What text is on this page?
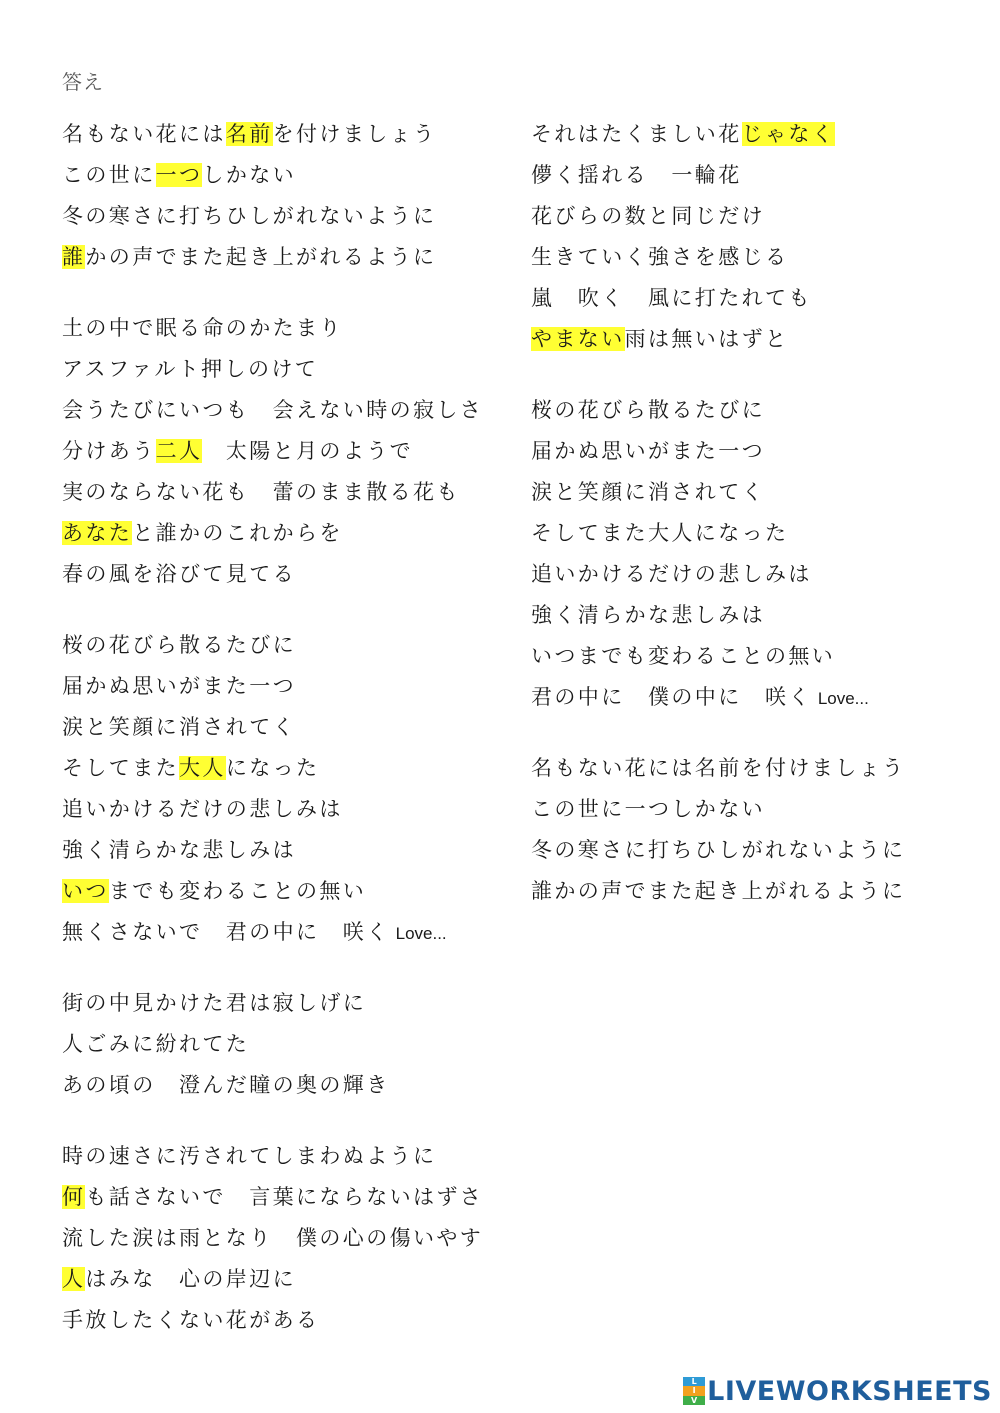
答え
名もない花には名前を付けましょう
この世に一つしかない
冬の寒さに打ちひしがれないように
誰かの声でまた起き上がれるように
土の中で眠る命のかたまり
アスファルト押しのけて
会うたびにいつも　会えない時の寂しさ
分けあう二人　太陽と月のようで
実のならない花も　蕾のまま散る花も
あなたと誰かのこれからを
春の風を浴びて見てる
桜の花びら散るたびに
届かぬ思いがまた一つ
涙と笑顔に消されてく
そしてまた大人になった
追いかけるだけの悲しみは
強く清らかな悲しみは
いつまでも変わることの無い
無くさないで　君の中に　咲く Love...
街の中見かけた君は寂しげに
人ごみに紛れてた
あの頃の　澄んだ瞳の奥の輝き
時の速さに汚されてしまわぬように
何も話さないで　言葉にならないはずさ
流した涙は雨となり　僕の心の傷いやす
人はみな　心の岸辺に
手放したくない花がある
それはたくましい花じゃなく
儚く揺れる　一輪花
花びらの数と同じだけ
生きていく強さを感じる
嵐　吹く　風に打たれても
やまない雨は無いはずと
桜の花びら散るたびに
届かぬ思いがまた一つ
涙と笑顔に消されてく
そしてまた大人になった
追いかけるだけの悲しみは
強く清らかな悲しみは
いつまでも変わることの無い
君の中に　僕の中に　咲く Love...
名もない花には名前を付けましょう
この世に一つしかない
冬の寒さに打ちひしがれないように
誰かの声でまた起き上がれるように
L
I
V LIVEWORKSHEETS
